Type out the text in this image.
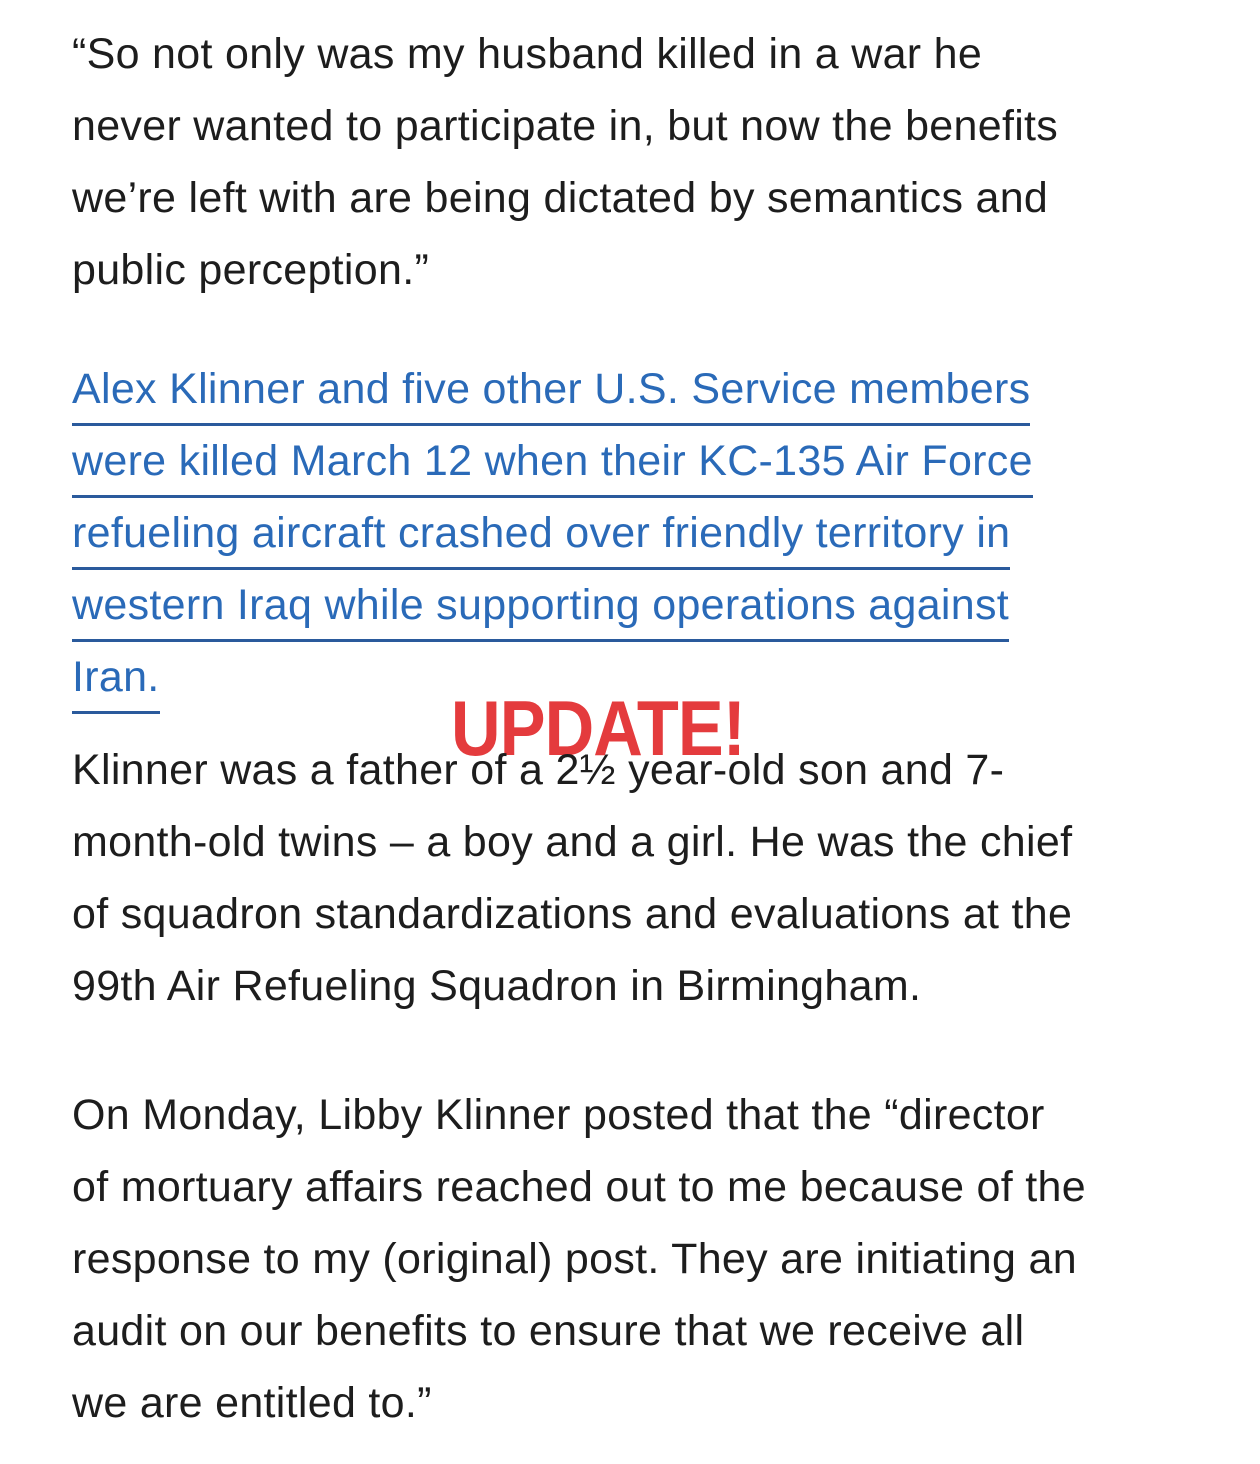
“So not only was my husband killed in a war he
never wanted to participate in, but now the benefits
we’re left with are being dictated by semantics and
public perception.”

Alex Klinner and five other U.S. Service members
were killed March 12 when their KC-135 Air Force
refueling aircraft crashed over friendly territory in
western Iraq while supporting operations against
Iran.

UPDATE!

Klinner was a father of a 2½ year-old son and 7-
month-old twins – a boy and a girl. He was the chief
of squadron standardizations and evaluations at the
99th Air Refueling Squadron in Birmingham.

On Monday, Libby Klinner posted that the “director
of mortuary affairs reached out to me because of the
response to my (original) post. They are initiating an
audit on our benefits to ensure that we receive all
we are entitled to.”
